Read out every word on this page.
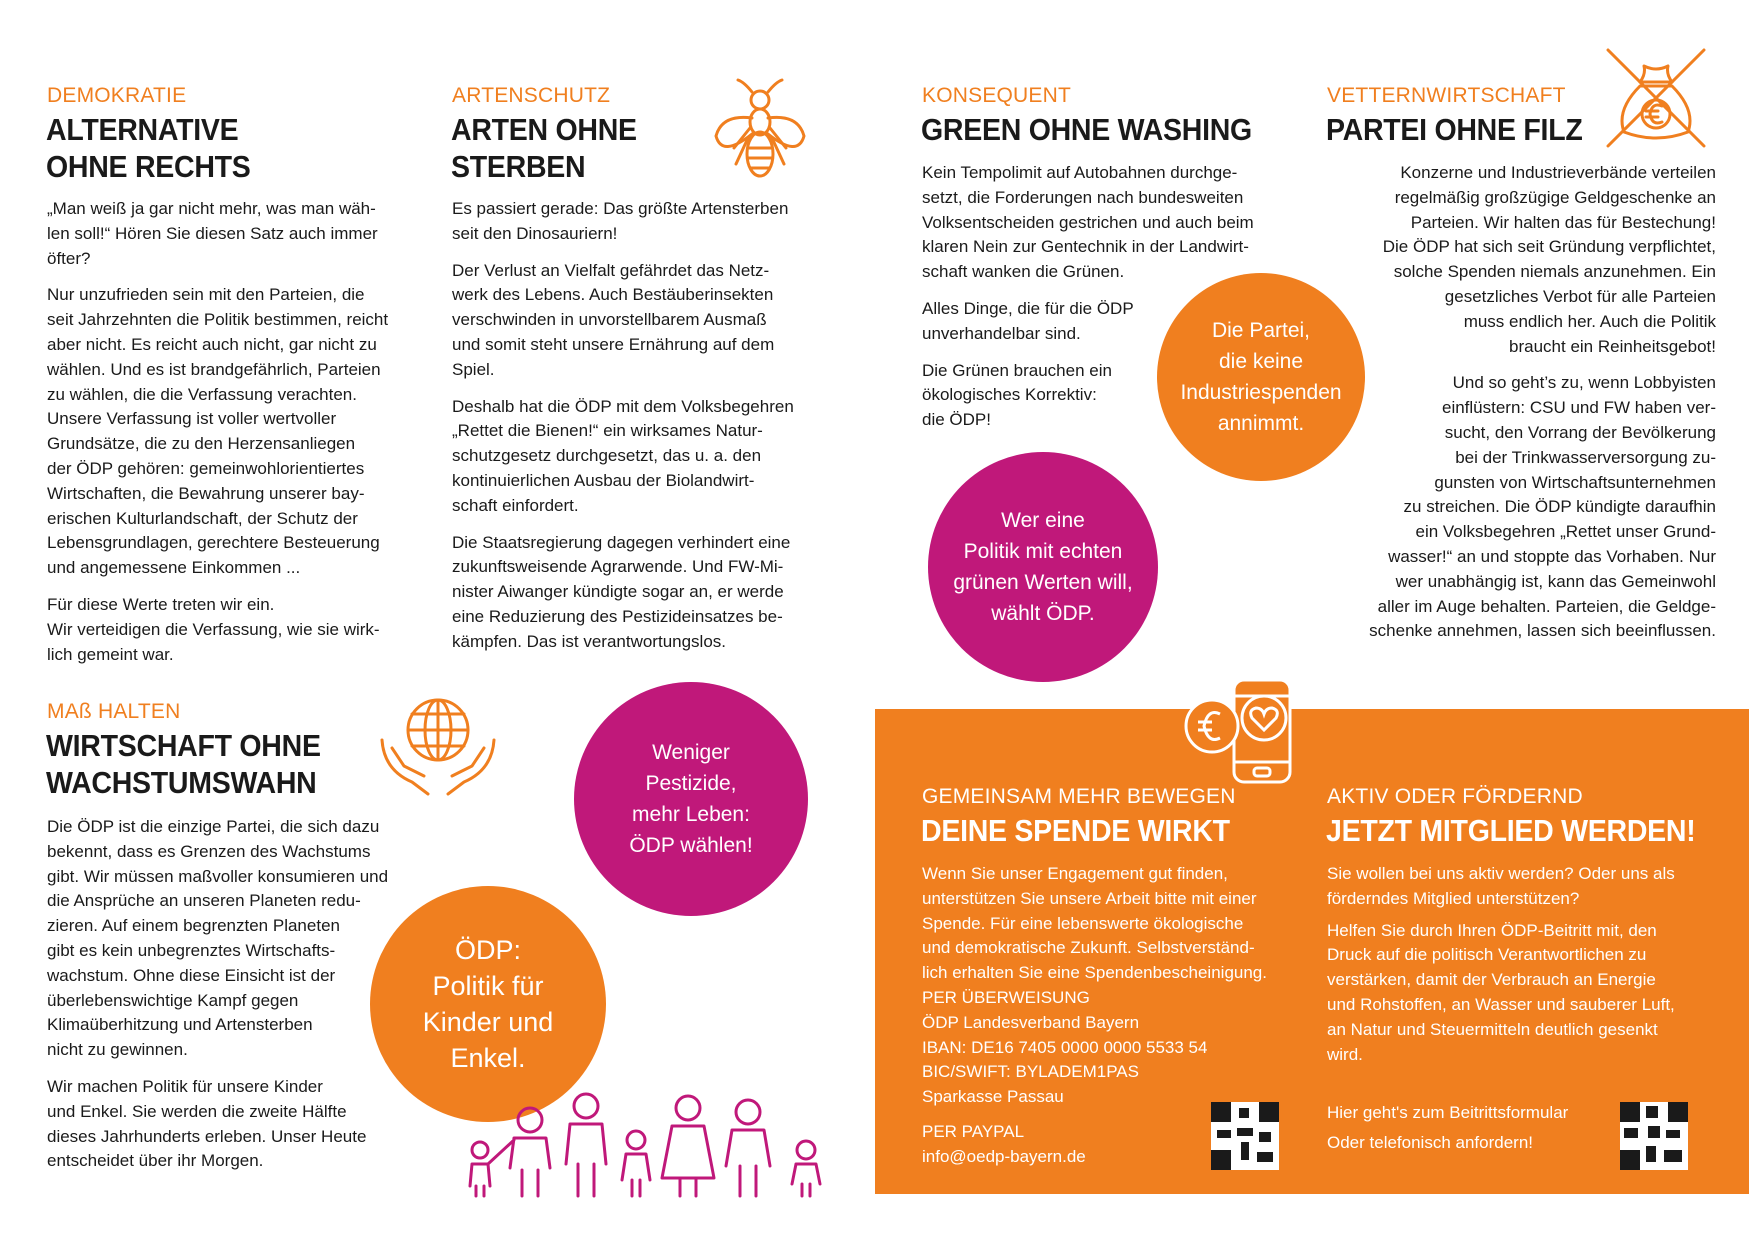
DEMOKRATIE
ALTERNATIVE
OHNE RECHTS

„Man weiß ja gar nicht mehr, was man wäh-
len soll!“ Hören Sie diesen Satz auch immer
öfter?

Nur unzufrieden sein mit den Parteien, die
seit Jahrzehnten die Politik bestimmen, reicht
aber nicht. Es reicht auch nicht, gar nicht zu
wählen. Und es ist brandgefährlich, Parteien
zu wählen, die die Verfassung verachten.
Unsere Verfassung ist voller wertvoller
Grundsätze, die zu den Herzensanliegen
der ÖDP gehören: gemeinwohlorientiertes
Wirtschaften, die Bewahrung unserer bay-
erischen Kulturlandschaft, der Schutz der
Lebensgrundlagen, gerechtere Besteuerung
und angemessene Einkommen ...

Für diese Werte treten wir ein.
Wir verteidigen die Verfassung, wie sie wirk-
lich gemeint war.

ARTENSCHUTZ
ARTEN OHNE
STERBEN

Es passiert gerade: Das größte Artensterben
seit den Dinosauriern!

Der Verlust an Vielfalt gefährdet das Netz-
werk des Lebens. Auch Bestäuberinsekten
verschwinden in unvorstellbarem Ausmaß
und somit steht unsere Ernährung auf dem
Spiel.

Deshalb hat die ÖDP mit dem Volksbegehren
„Rettet die Bienen!“ ein wirksames Natur-
schutzgesetz durchgesetzt, das u. a. den
kontinuierlichen Ausbau der Biolandwirt-
schaft einfordert.

Die Staatsregierung dagegen verhindert eine
zukunftsweisende Agrarwende. Und FW-Mi-
nister Aiwanger kündigte sogar an, er werde
eine Reduzierung des Pestizideinsatzes be-
kämpfen. Das ist verantwortungslos.

KONSEQUENT
GREEN OHNE WASHING

Kein Tempolimit auf Autobahnen durchge-
setzt, die Forderungen nach bundesweiten
Volksentscheiden gestrichen und auch beim
klaren Nein zur Gentechnik in der Landwirt-
schaft wanken die Grünen.

Alles Dinge, die für die ÖDP
unverhandelbar sind.

Die Grünen brauchen ein
ökologisches Korrektiv:
die ÖDP!

VETTERNWIRTSCHAFT
PARTEI OHNE FILZ

Konzerne und Industrieverbände verteilen
regelmäßig großzügige Geldgeschenke an
Parteien. Wir halten das für Bestechung!
Die ÖDP hat sich seit Gründung verpflichtet,
solche Spenden niemals anzunehmen. Ein
gesetzliches Verbot für alle Parteien
muss endlich her. Auch die Politik
braucht ein Reinheitsgebot!

Und so geht’s zu, wenn Lobbyisten
einflüstern: CSU und FW haben ver-
sucht, den Vorrang der Bevölkerung
bei der Trinkwasserversorgung zu-
gunsten von Wirtschaftsunternehmen
zu streichen. Die ÖDP kündigte daraufhin
ein Volksbegehren „Rettet unser Grund-
wasser!“ an und stoppte das Vorhaben. Nur
wer unabhängig ist, kann das Gemeinwohl
aller im Auge behalten. Parteien, die Geldge-
schenke annehmen, lassen sich beeinflussen.

MAß HALTEN
WIRTSCHAFT OHNE
WACHSTUMSWAHN

Die ÖDP ist die einzige Partei, die sich dazu
bekennt, dass es Grenzen des Wachstums
gibt. Wir müssen maßvoller konsumieren und
die Ansprüche an unseren Planeten redu-
zieren. Auf einem begrenzten Planeten
gibt es kein unbegrenztes Wirtschafts-
wachstum. Ohne diese Einsicht ist der
überlebenswichtige Kampf gegen
Klimaüberhitzung und Artensterben
nicht zu gewinnen.

Wir machen Politik für unsere Kinder
und Enkel. Sie werden die zweite Hälfte
dieses Jahrhunderts erleben. Unser Heute
entscheidet über ihr Morgen.

Die Partei,
die keine
Industriespenden
annimmt.
Wer eine
Politik mit echten
grünen Werten will,
wählt ÖDP.
Weniger
Pestizide,
mehr Leben:
ÖDP wählen!
ÖDP:
Politik für
Kinder und
Enkel.
GEMEINSAM MEHR BEWEGEN
DEINE SPENDE WIRKT

Wenn Sie unser Engagement gut finden,
unterstützen Sie unsere Arbeit bitte mit einer
Spende. Für eine lebenswerte ökologische
und demokratische Zukunft. Selbstverständ-
lich erhalten Sie eine Spendenbescheinigung.

PER ÜBERWEISUNG
ÖDP Landesverband Bayern
IBAN: DE16 7405 0000 0000 5533 54
BIC/SWIFT: BYLADEM1PAS
Sparkasse Passau
PER PAYPAL
info@oedp-bayern.de
AKTIV ODER FÖRDERND
JETZT MITGLIED WERDEN!

Sie wollen bei uns aktiv werden? Oder uns als
förderndes Mitglied unterstützen?

Helfen Sie durch Ihren ÖDP-Beitritt mit, den
Druck auf die politisch Verantwortlichen zu
verstärken, damit der Verbrauch an Energie
und Rohstoffen, an Wasser und sauberer Luft,
an Natur und Steuermitteln deutlich gesenkt
wird.

Hier geht's zum Beitrittsformular
Oder telefonisch anfordern!
